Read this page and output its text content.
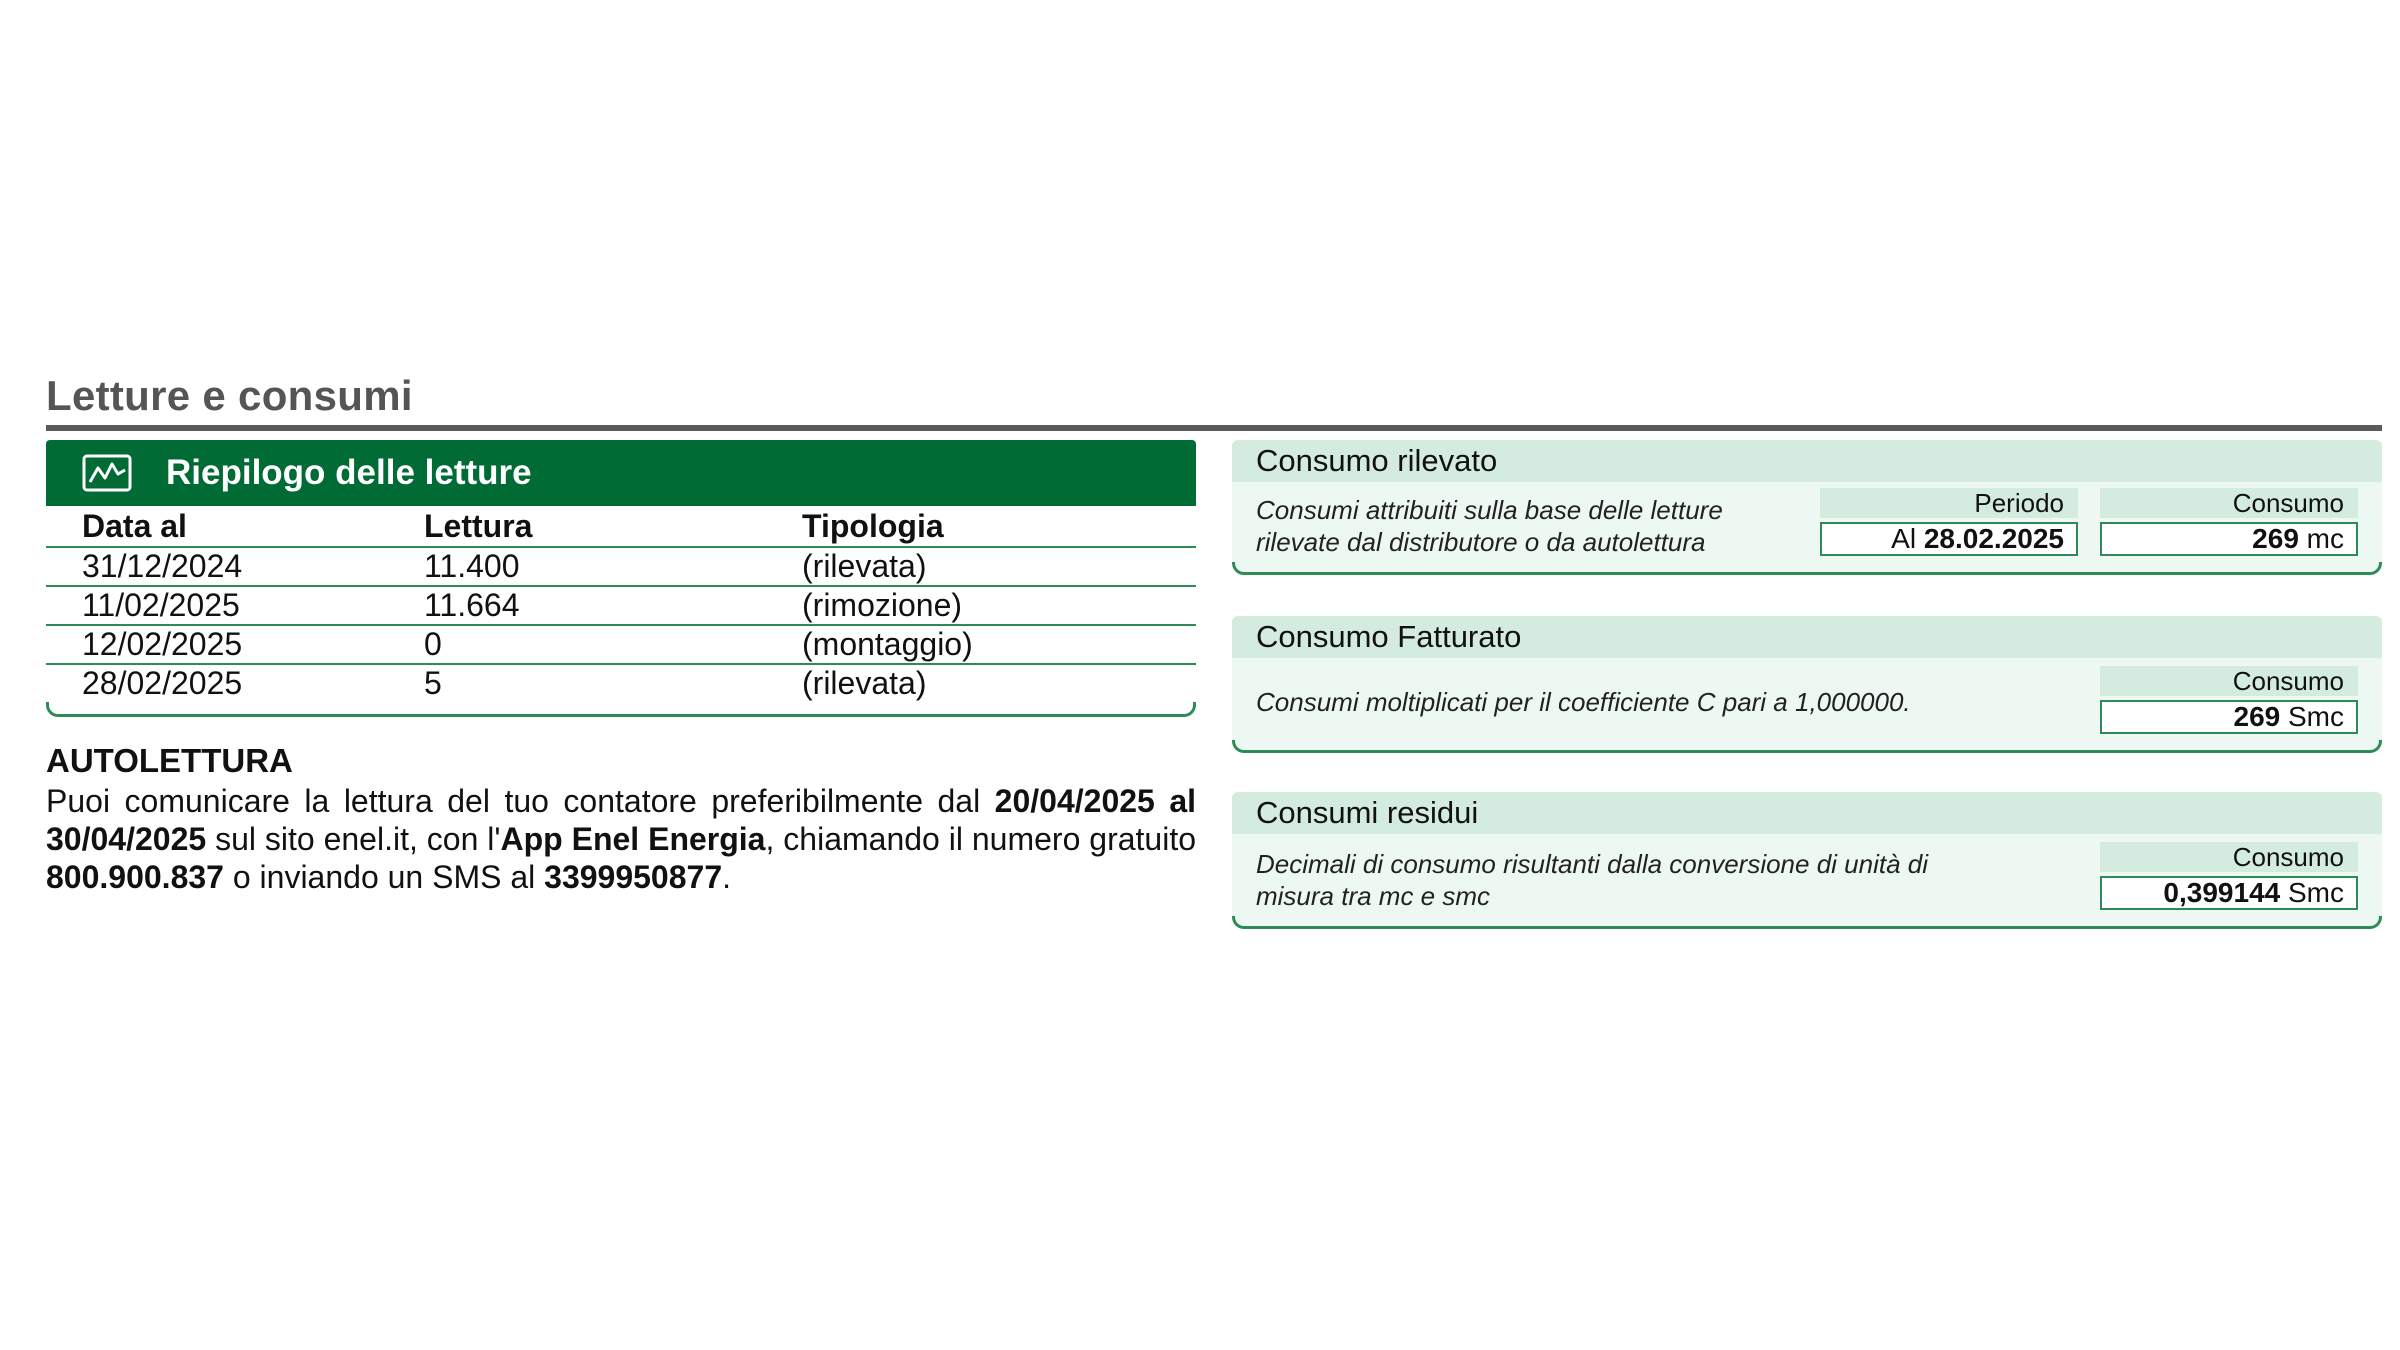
Letture e consumi
Riepilogo delle letture
Data al	Lettura	Tipologia
31/12/2024	11.400	(rilevata)
11/02/2025	11.664	(rimozione)
12/02/2025	0	(montaggio)
28/02/2025	5	(rilevata)
AUTOLETTURA

Puoi comunicare la lettura del tuo contatore preferibilmente dal 20/04/2025 al 30/04/2025 sul sito enel.it, con l'App Enel Energia, chiamando il numero gratuito 800.900.837 o inviando un SMS al 3399950877.

Consumo rilevato
Consumi attribuiti sulla base delle letture
rilevate dal distributore o da autolettura
Periodo
Al 28.02.2025
Consumo
269 mc
Consumo Fatturato
Consumi moltiplicati per il coefficiente C pari a 1,000000.
Consumo
269 Smc
Consumi residui
Decimali di consumo risultanti dalla conversione di unità di
misura tra mc e smc
Consumo
0,399144 Smc
